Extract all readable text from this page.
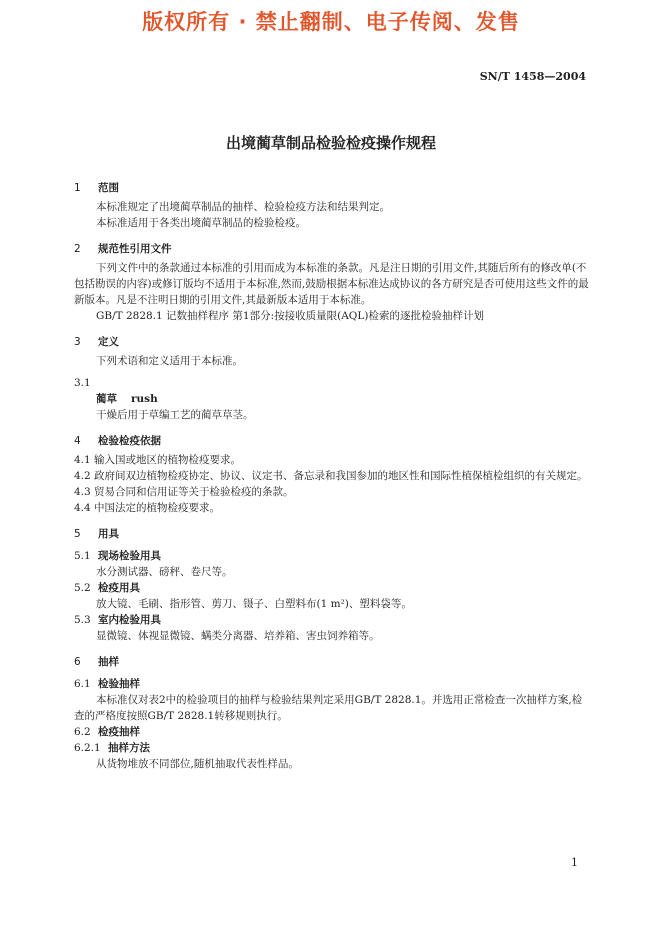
版权所有 · 禁止翻制、电子传阅、发售
SN/T 1458—2004
出境蔺草制品检验检疫操作规程
1 范围

本标准规定了出境蔺草制品的抽样、检验检疫方法和结果判定。

本标准适用于各类出境蔺草制品的检验检疫。

2 规范性引用文件

下列文件中的条款通过本标准的引用而成为本标准的条款。凡是注日期的引用文件,其随后所有的修改单(不包括勘误的内容)或修订版均不适用于本标准,然而,鼓励根据本标准达成协议的各方研究是否可使用这些文件的最新版本。凡是不注明日期的引用文件,其最新版本适用于本标准。

GB/T 2828.1 记数抽样程序 第1部分:按接收质量限(AQL)检索的逐批检验抽样计划

3 定义

下列术语和定义适用于本标准。

3.1

蔺草 rush

干燥后用于草编工艺的蔺草草茎。

4 检验检疫依据

4.1 输入国或地区的植物检疫要求。

4.2 政府间双边植物检疫协定、协议、议定书、备忘录和我国参加的地区性和国际性植保植检组织的有关规定。

4.3 贸易合同和信用证等关于检验检疫的条款。

4.4 中国法定的植物检疫要求。

5 用具
5.1 现场检验用具

水分测试器、磅秤、卷尺等。

5.2 检疫用具

放大镜、毛刷、指形管、剪刀、镊子、白塑料布(1 m²)、塑料袋等。

5.3 室内检验用具

显微镜、体视显微镜、螨类分离器、培养箱、害虫饲养箱等。

6 抽样
6.1 检验抽样

本标准仅对表2中的检验项目的抽样与检验结果判定采用GB/T 2828.1。并选用正常检查一次抽样方案,检查的严格度按照GB/T 2828.1转移规则执行。

6.2 检疫抽样
6.2.1 抽样方法

从货物堆放不同部位,随机抽取代表性样品。

1
